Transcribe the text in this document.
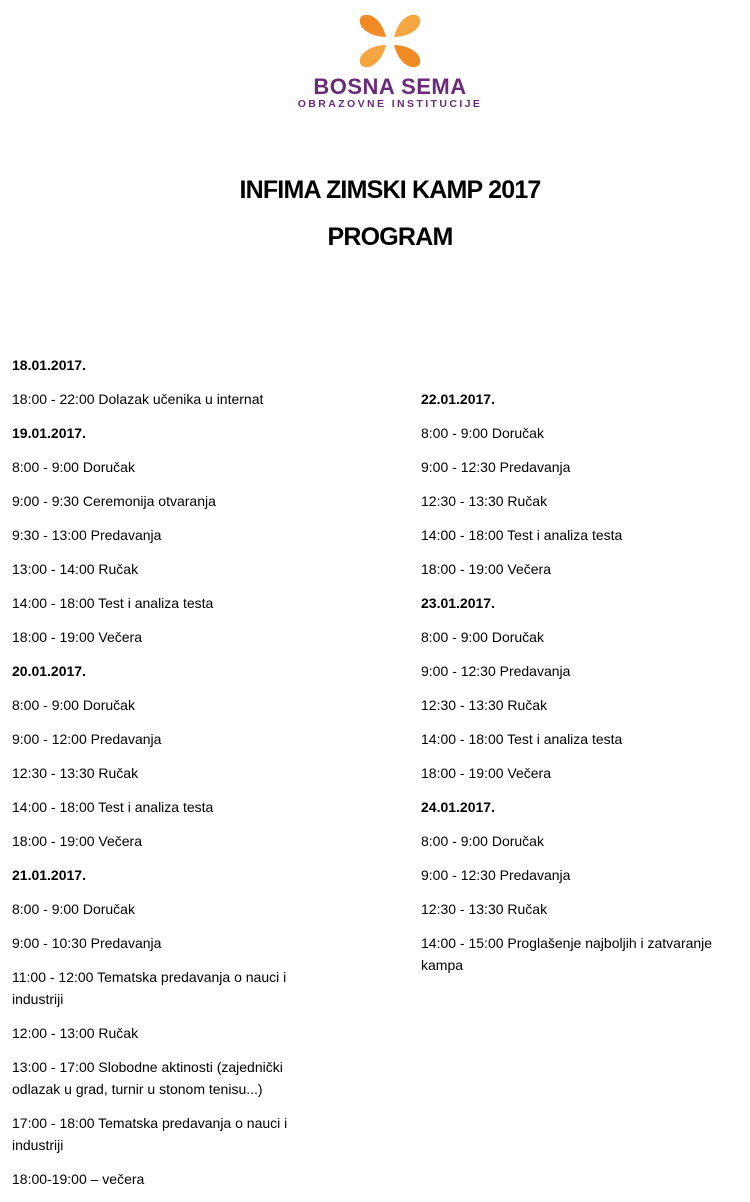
BOSNA SEMA
OBRAZOVNE INSTITUCIJE
INFIMA ZIMSKI KAMP 2017
PROGRAM
18.01.2017.
18:00 - 22:00 Dolazak učenika u internat
19.01.2017.
8:00 - 9:00 Doručak
9:00 - 9:30 Ceremonija otvaranja
9:30 - 13:00 Predavanja
13:00 - 14:00 Ručak
14:00 - 18:00 Test i analiza testa
18:00 - 19:00 Večera
20.01.2017.
8:00 - 9:00 Doručak
9:00 - 12:00 Predavanja
12:30 - 13:30 Ručak
14:00 - 18:00 Test i analiza testa
18:00 - 19:00 Večera
21.01.2017.
8:00 - 9:00 Doručak
9:00 - 10:30 Predavanja
11:00 - 12:00 Tematska predavanja o nauci i industriji
12:00 - 13:00 Ručak
13:00 - 17:00 Slobodne aktinosti (zajednički odlazak u grad, turnir u stonom tenisu...)
17:00 - 18:00 Tematska predavanja o nauci i industriji
18:00-19:00 – večera
22.01.2017.
8:00 - 9:00 Doručak
9:00 - 12:30 Predavanja
12:30 - 13:30 Ručak
14:00 - 18:00 Test i analiza testa
18:00 - 19:00 Večera
23.01.2017.
8:00 - 9:00 Doručak
9:00 - 12:30 Predavanja
12:30 - 13:30 Ručak
14:00 - 18:00 Test i analiza testa
18:00 - 19:00 Večera
24.01.2017.
8:00 - 9:00 Doručak
9:00 - 12:30 Predavanja
12:30 - 13:30 Ručak
14:00 - 15:00 Proglašenje najboljih i zatvaranje kampa
